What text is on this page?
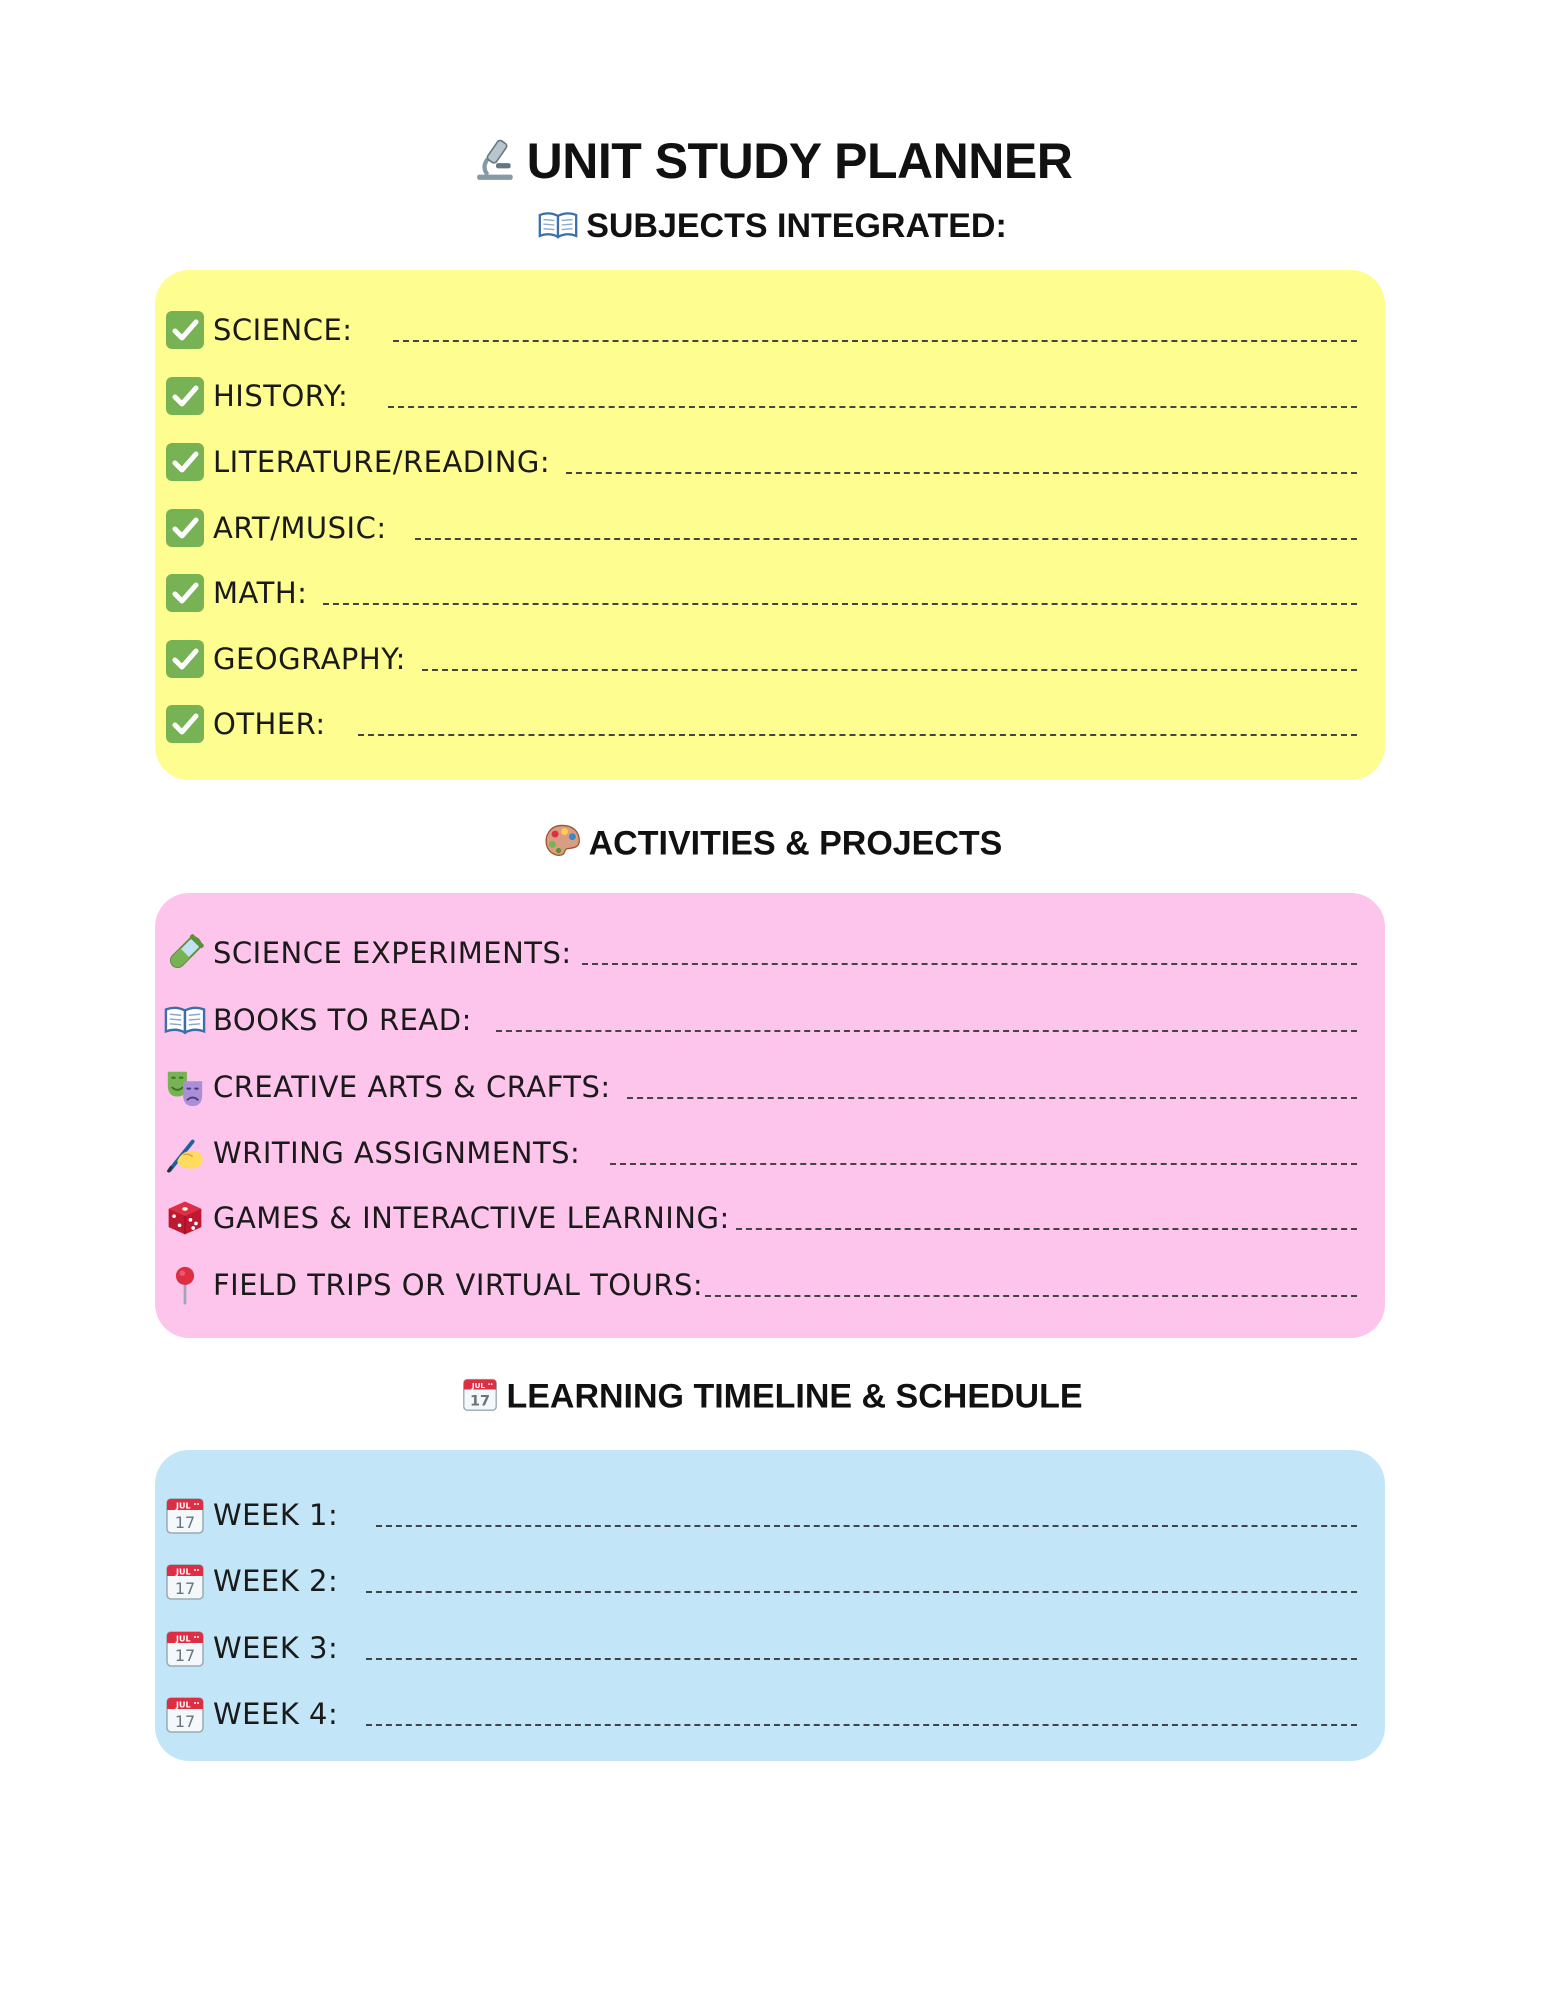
UNIT STUDY PLANNER
SUBJECTS INTEGRATED:
SCIENCE:
HISTORY:
LITERATURE/READING:
ART/MUSIC:
MATH:
GEOGRAPHY:
OTHER:
ACTIVITIES & PROJECTS
SCIENCE EXPERIMENTS:
BOOKS TO READ:
CREATIVE ARTS & CRAFTS:
WRITING ASSIGNMENTS:
GAMES & INTERACTIVE LEARNING:
FIELD TRIPS OR VIRTUAL TOURS:
LEARNING TIMELINE & SCHEDULE
WEEK 1:
WEEK 2:
WEEK 3:
WEEK 4:
